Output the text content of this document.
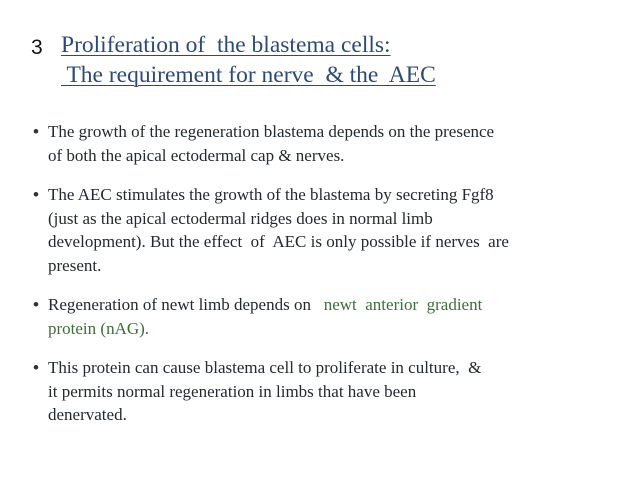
3 Proliferation of  the blastema cells:
The requirement for nerve  & the  AEC
• The growth of the regeneration blastema depends on the presence
of both the apical ectodermal cap & nerves.
• The AEC stimulates the growth of the blastema by secreting Fgf8
(just as the apical ectodermal ridges does in normal limb
development). But the effect  of  AEC is only possible if nerves  are
present.
• Regeneration of newt limb depends on   newt  anterior  gradient
protein (nAG).
• This protein can cause blastema cell to proliferate in culture,  &
it permits normal regeneration in limbs that have been
denervated.
